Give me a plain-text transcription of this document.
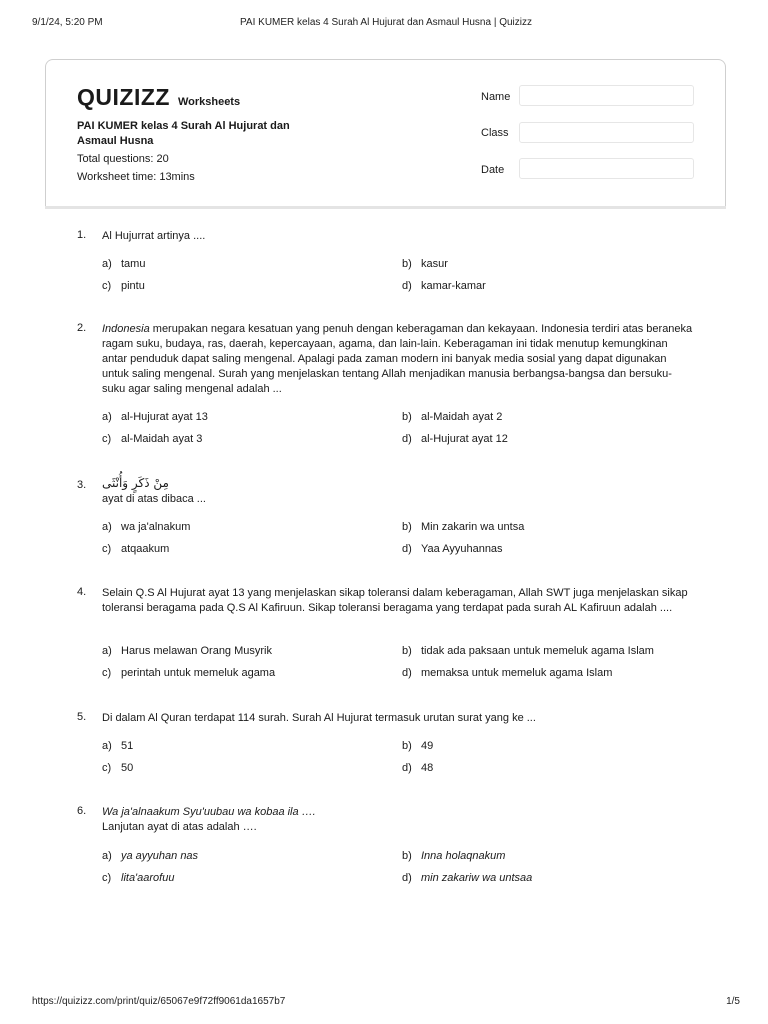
9/1/24, 5:20 PM	PAI KUMER kelas 4 Surah Al Hujurat dan Asmaul Husna | Quizizz
QUIZIZZ Worksheets
PAI KUMER kelas 4 Surah Al Hujurat dan Asmaul Husna
Total questions: 20
Worksheet time: 13mins
Name
Class
Date
1. Al Hujurrat artinya ....
a) tamu	b) kasur
c) pintu	d) kamar-kamar
2. Indonesia merupakan negara kesatuan yang penuh dengan keberagaman dan kekayaan. Indonesia terdiri atas beraneka ragam suku, budaya, ras, daerah, kepercayaan, agama, dan lain-lain. Keberagaman ini tidak menutup kemungkinan antar penduduk dapat saling mengenal. Apalagi pada zaman modern ini banyak media sosial yang dapat digunakan untuk saling mengenal. Surah yang menjelaskan tentang Allah menjadikan manusia berbangsa-bangsa dan bersuku-suku agar saling mengenal adalah ...
a) al-Hujurat ayat 13	b) al-Maidah ayat 2
c) al-Maidah ayat 3	d) al-Hujurat ayat 12
3. مِنْ ذَكَرٍ وَأُنْثَى
ayat di atas dibaca ...
a) wa ja'alnakum	b) Min zakarin wa untsa
c) atqaakum	d) Yaa Ayyuhannas
4. Selain Q.S Al Hujurat ayat 13 yang menjelaskan sikap toleransi dalam keberagaman, Allah SWT juga menjelaskan sikap toleransi beragama pada Q.S Al Kafiruun. Sikap toleransi beragama yang terdapat pada surah AL Kafiruun adalah ....
a) Harus melawan Orang Musyrik	b) tidak ada paksaan untuk memeluk agama Islam
c) perintah untuk memeluk agama	d) memaksa untuk memeluk agama Islam
5. Di dalam Al Quran terdapat 114 surah. Surah Al Hujurat termasuk urutan surat yang ke ...
a) 51	b) 49
c) 50	d) 48
6. Wa ja'alnaakum Syu'uubau wa kobaa ila ….
Lanjutan ayat di atas adalah ….
a) ya ayyuhan nas	b) Inna holaqnakum
c) lita'aarofuu	d) min zakariw wa untsaa
https://quizizz.com/print/quiz/65067e9f72ff9061da1657b7	1/5
